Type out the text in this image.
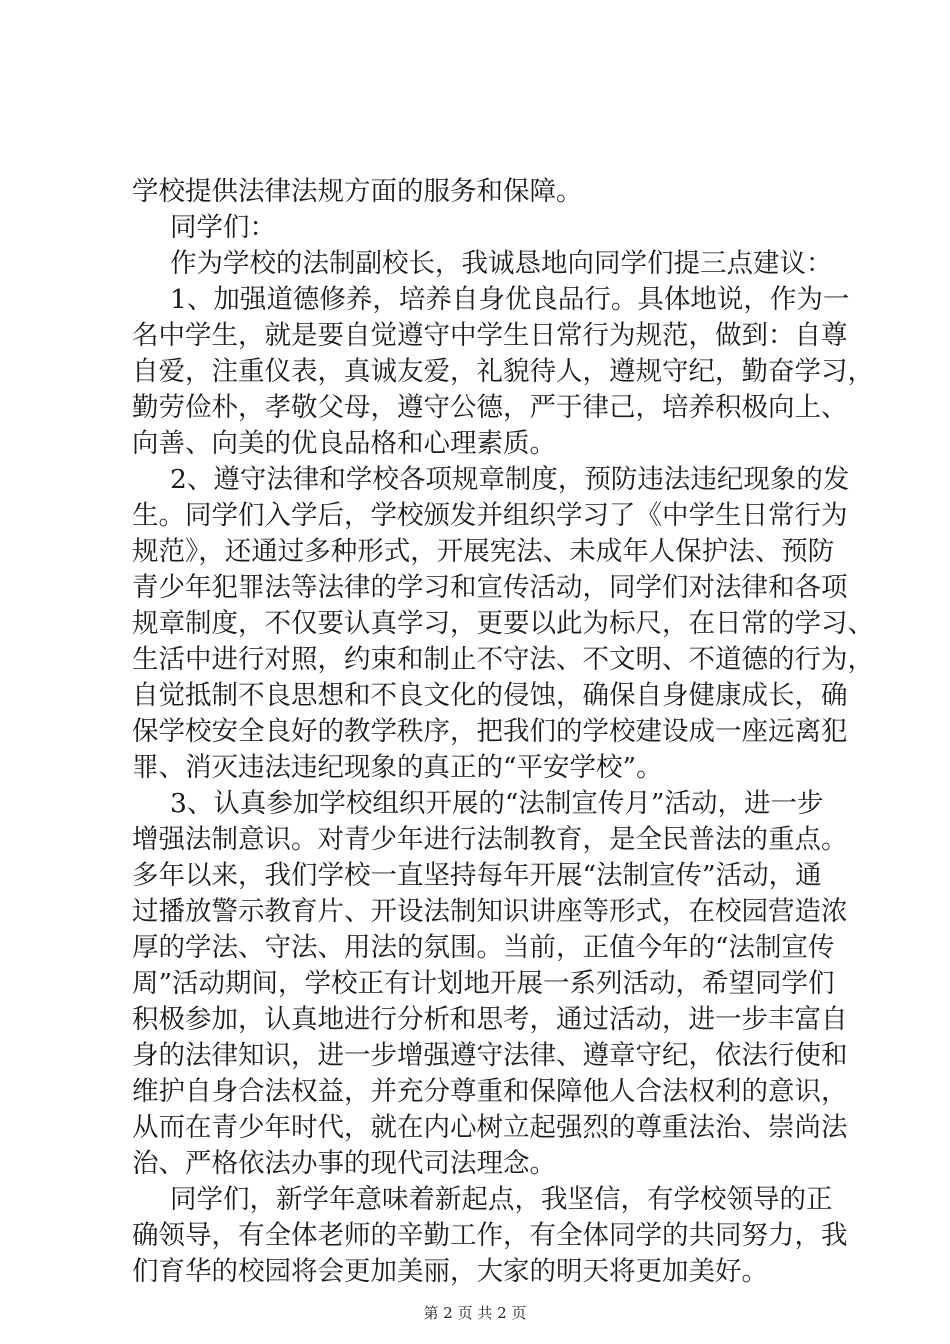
学校提供法律法规方面的服务和保障。
同学们：
作为学校的法制副校长，我诚恳地向同学们提三点建议：
1、加强道德修养，培养自身优良品行。具体地说，作为一
名中学生，就是要自觉遵守中学生日常行为规范，做到：自尊
自爱，注重仪表，真诚友爱，礼貌待人，遵规守纪，勤奋学习，
勤劳俭朴，孝敬父母，遵守公德，严于律己，培养积极向上、
向善、向美的优良品格和心理素质。
2、遵守法律和学校各项规章制度，预防违法违纪现象的发
生。同学们入学后，学校颁发并组织学习了《中学生日常行为
规范》，还通过多种形式，开展宪法、未成年人保护法、预防
青少年犯罪法等法律的学习和宣传活动，同学们对法律和各项
规章制度，不仅要认真学习，更要以此为标尺，在日常的学习、
生活中进行对照，约束和制止不守法、不文明、不道德的行为，
自觉抵制不良思想和不良文化的侵蚀，确保自身健康成长，确
保学校安全良好的教学秩序，把我们的学校建设成一座远离犯
罪、消灭违法违纪现象的真正的“平安学校”。
3、认真参加学校组织开展的“法制宣传月”活动，进一步
增强法制意识。对青少年进行法制教育，是全民普法的重点。
多年以来，我们学校一直坚持每年开展“法制宣传”活动，通
过播放警示教育片、开设法制知识讲座等形式，在校园营造浓
厚的学法、守法、用法的氛围。当前，正值今年的“法制宣传
周”活动期间，学校正有计划地开展一系列活动，希望同学们
积极参加，认真地进行分析和思考，通过活动，进一步丰富自
身的法律知识，进一步增强遵守法律、遵章守纪，依法行使和
维护自身合法权益，并充分尊重和保障他人合法权利的意识，
从而在青少年时代，就在内心树立起强烈的尊重法治、崇尚法
治、严格依法办事的现代司法理念。
同学们，新学年意味着新起点，我坚信，有学校领导的正
确领导，有全体老师的辛勤工作，有全体同学的共同努力，我
们育华的校园将会更加美丽，大家的明天将更加美好。
第 2 页 共 2 页
